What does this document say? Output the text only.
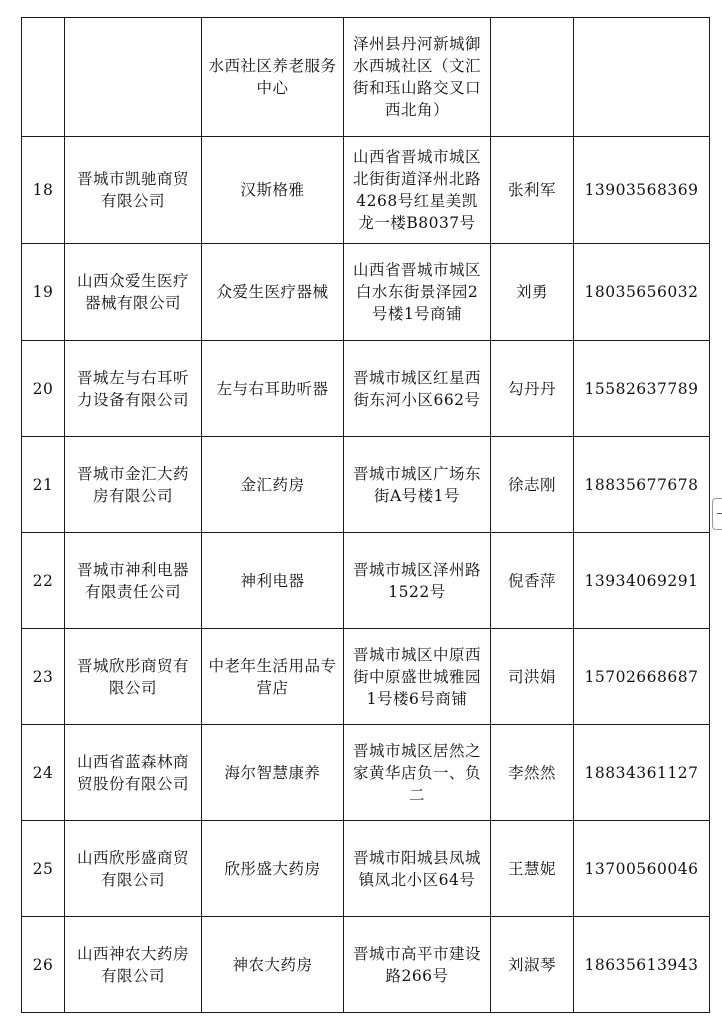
		水西社区养老服务中心	泽州县丹河新城御水西城社区（文汇街和珏山路交叉口西北角）		
18	晋城市凯驰商贸有限公司	汉斯格雅	山西省晋城市城区北街街道泽州北路4268号红星美凯龙一楼B8037号	张利军	13903568369
19	山西众爱生医疗器械有限公司	众爱生医疗器械	山西省晋城市城区白水东街景泽园2号楼1号商铺	刘勇	18035656032
20	晋城左与右耳听力设备有限公司	左与右耳助听器	晋城市城区红星西街东河小区662号	勾丹丹	15582637789
21	晋城市金汇大药房有限公司	金汇药房	晋城市城区广场东街A号楼1号	徐志刚	18835677678
22	晋城市神利电器有限责任公司	神利电器	晋城市城区泽州路1522号	倪香萍	13934069291
23	晋城欣彤商贸有限公司	中老年生活用品专营店	晋城市城区中原西街中原盛世城雅园1号楼6号商铺	司洪娟	15702668687
24	山西省蓝森林商贸股份有限公司	海尔智慧康养	晋城市城区居然之家黄华店负一、负二	李然然	18834361127
25	山西欣彤盛商贸有限公司	欣彤盛大药房	晋城市阳城县凤城镇凤北小区64号	王慧妮	13700560046
26	山西神农大药房有限公司	神农大药房	晋城市高平市建设路266号	刘淑琴	18635613943
